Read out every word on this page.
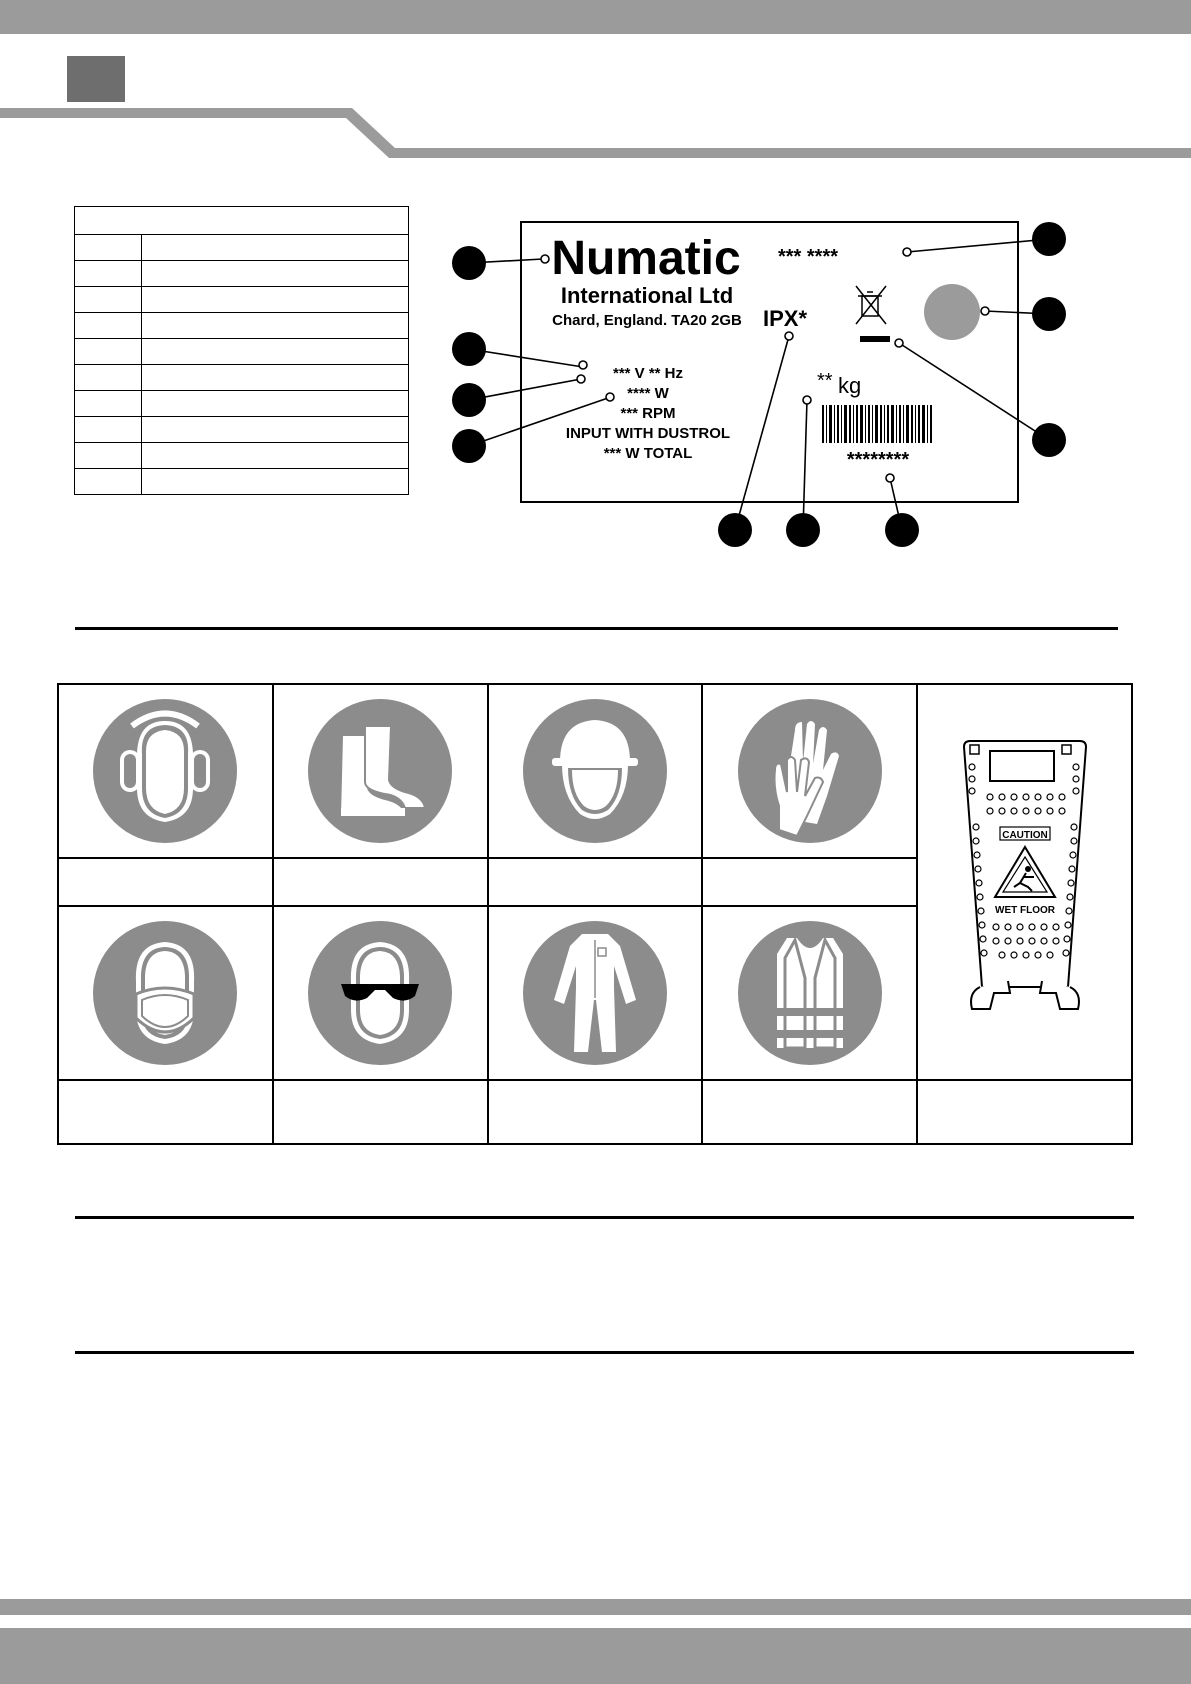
Numatic
International Ltd
Chard, England. TA20 2GB
*** V ** Hz
**** W
*** RPM
INPUT WITH DUSTROL
*** W TOTAL
*** ****
IPX*
** kg
********

CAUTION
WET FLOOR
